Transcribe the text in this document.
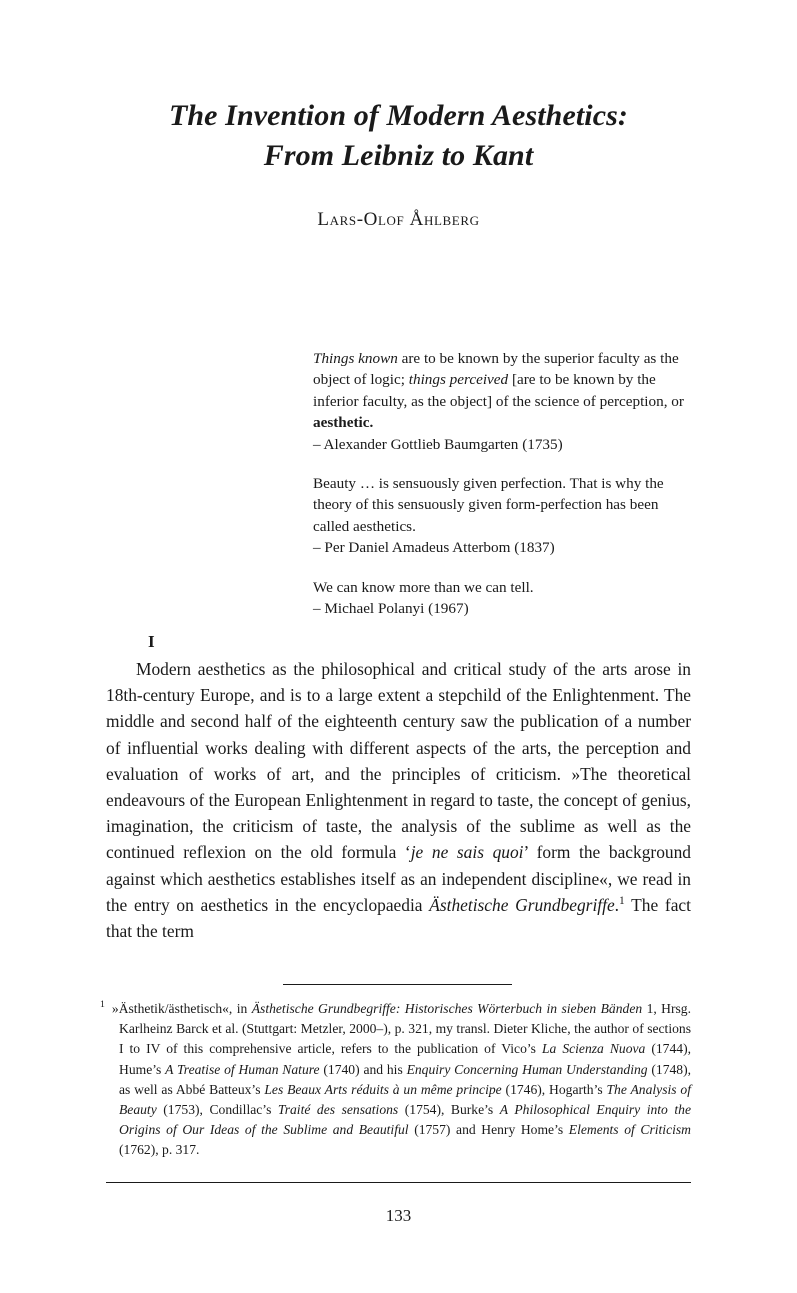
The Invention of Modern Aesthetics:
From Leibniz to Kant
Lars-Olof Åhlberg
Things known are to be known by the superior faculty as the object of logic; things perceived [are to be known by the inferior faculty, as the object] of the science of perception, or aesthetic.
– Alexander Gottlieb Baumgarten (1735)
Beauty … is sensuously given perfection. That is why the theory of this sensuously given form-perfection has been called aesthetics.
– Per Daniel Amadeus Atterbom (1837)
We can know more than we can tell.
– Michael Polanyi (1967)
I
Modern aesthetics as the philosophical and critical study of the arts arose in 18th-century Europe, and is to a large extent a stepchild of the Enlightenment. The middle and second half of the eighteenth century saw the publication of a number of influential works dealing with different aspects of the arts, the perception and evaluation of works of art, and the principles of criticism. »The theoretical endeavours of the European Enlightenment in regard to taste, the concept of genius, imagination, the criticism of taste, the analysis of the sublime as well as the continued reflexion on the old formula ‘je ne sais quoi’ form the background against which aesthetics establishes itself as an independent discipline«, we read in the entry on aesthetics in the encyclopaedia Ästhetische Grundbegriffe.$^1$ The fact that the term
$^1$ »Ästhetik/ästhetisch«, in Ästhetische Grundbegriffe: Historisches Wörterbuch in sieben Bänden 1, Hrsg. Karlheinz Barck et al. (Stuttgart: Metzler, 2000–), p. 321, my transl. Dieter Kliche, the author of sections I to IV of this comprehensive article, refers to the publication of Vico’s La Scienza Nuova (1744), Hume’s A Treatise of Human Nature (1740) and his Enquiry Concerning Human Understanding (1748), as well as Abbé Batteux’s Les Beaux Arts réduits à un même principe (1746), Hogarth’s The Analysis of Beauty (1753), Condillac’s Traité des sensations (1754), Burke’s A Philosophical Enquiry into the Origins of Our Ideas of the Sublime and Beautiful (1757) and Henry Home’s Elements of Criticism (1762), p. 317.
133
